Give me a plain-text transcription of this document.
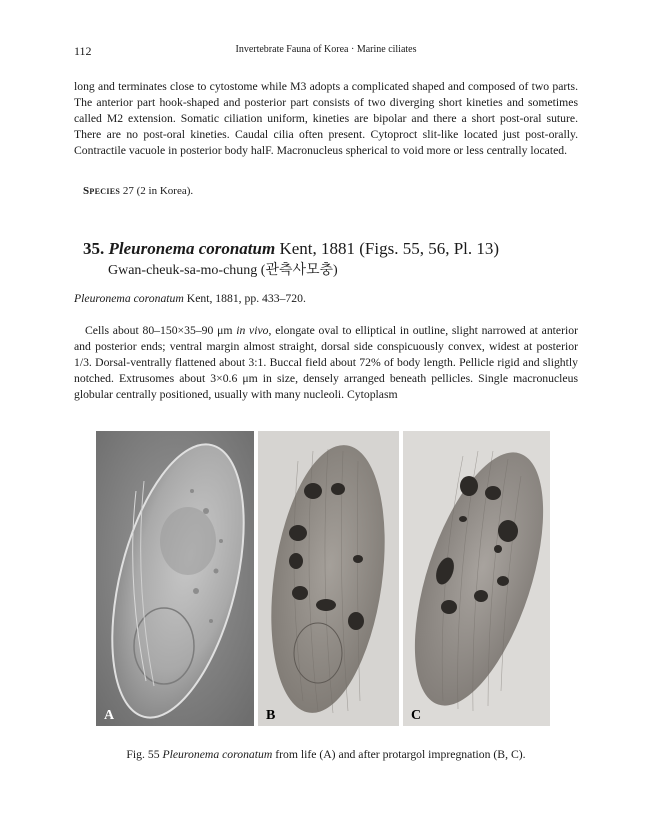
112	Invertebrate Fauna of Korea · Marine ciliates

long and terminates close to cytostome while M3 adopts a complicated shaped and composed of two parts. The anterior part hook-shaped and posterior part consists of two diverging short kineties and sometimes called M2 extension. Somatic ciliation uniform, kineties are bipolar and there a short post-oral suture. There are no post-oral kineties. Caudal cilia often present. Cytoproct slit-like located just post-orally. Contractile vacuole in posterior body halF. Macronucleus spherical to void more or less centrally located.

Species 27 (2 in Korea).
35. Pleuronema coronatum Kent, 1881 (Figs. 55, 56, Pl. 13)
Gwan-cheuk-sa-mo-chung (관측사모충)
Pleuronema coronatum Kent, 1881, pp. 433–720.

Cells about 80–150×35–90 μm in vivo, elongate oval to elliptical in outline, slight narrowed at anterior and posterior ends; ventral margin almost straight, dorsal side conspicuously convex, widest at posterior 1/3. Dorsal-ventrally flattened about 3:1. Buccal field about 72% of body length. Pellicle rigid and slightly notched. Extrusomes about 3×0.6 μm in size, densely arranged beneath pellicles. Single macronucleus globular centrally positioned, usually with many nucleoli. Cytoplasm

A	B	C
Fig. 55 Pleuronema coronatum from life (A) and after protargol impregnation (B, C).
